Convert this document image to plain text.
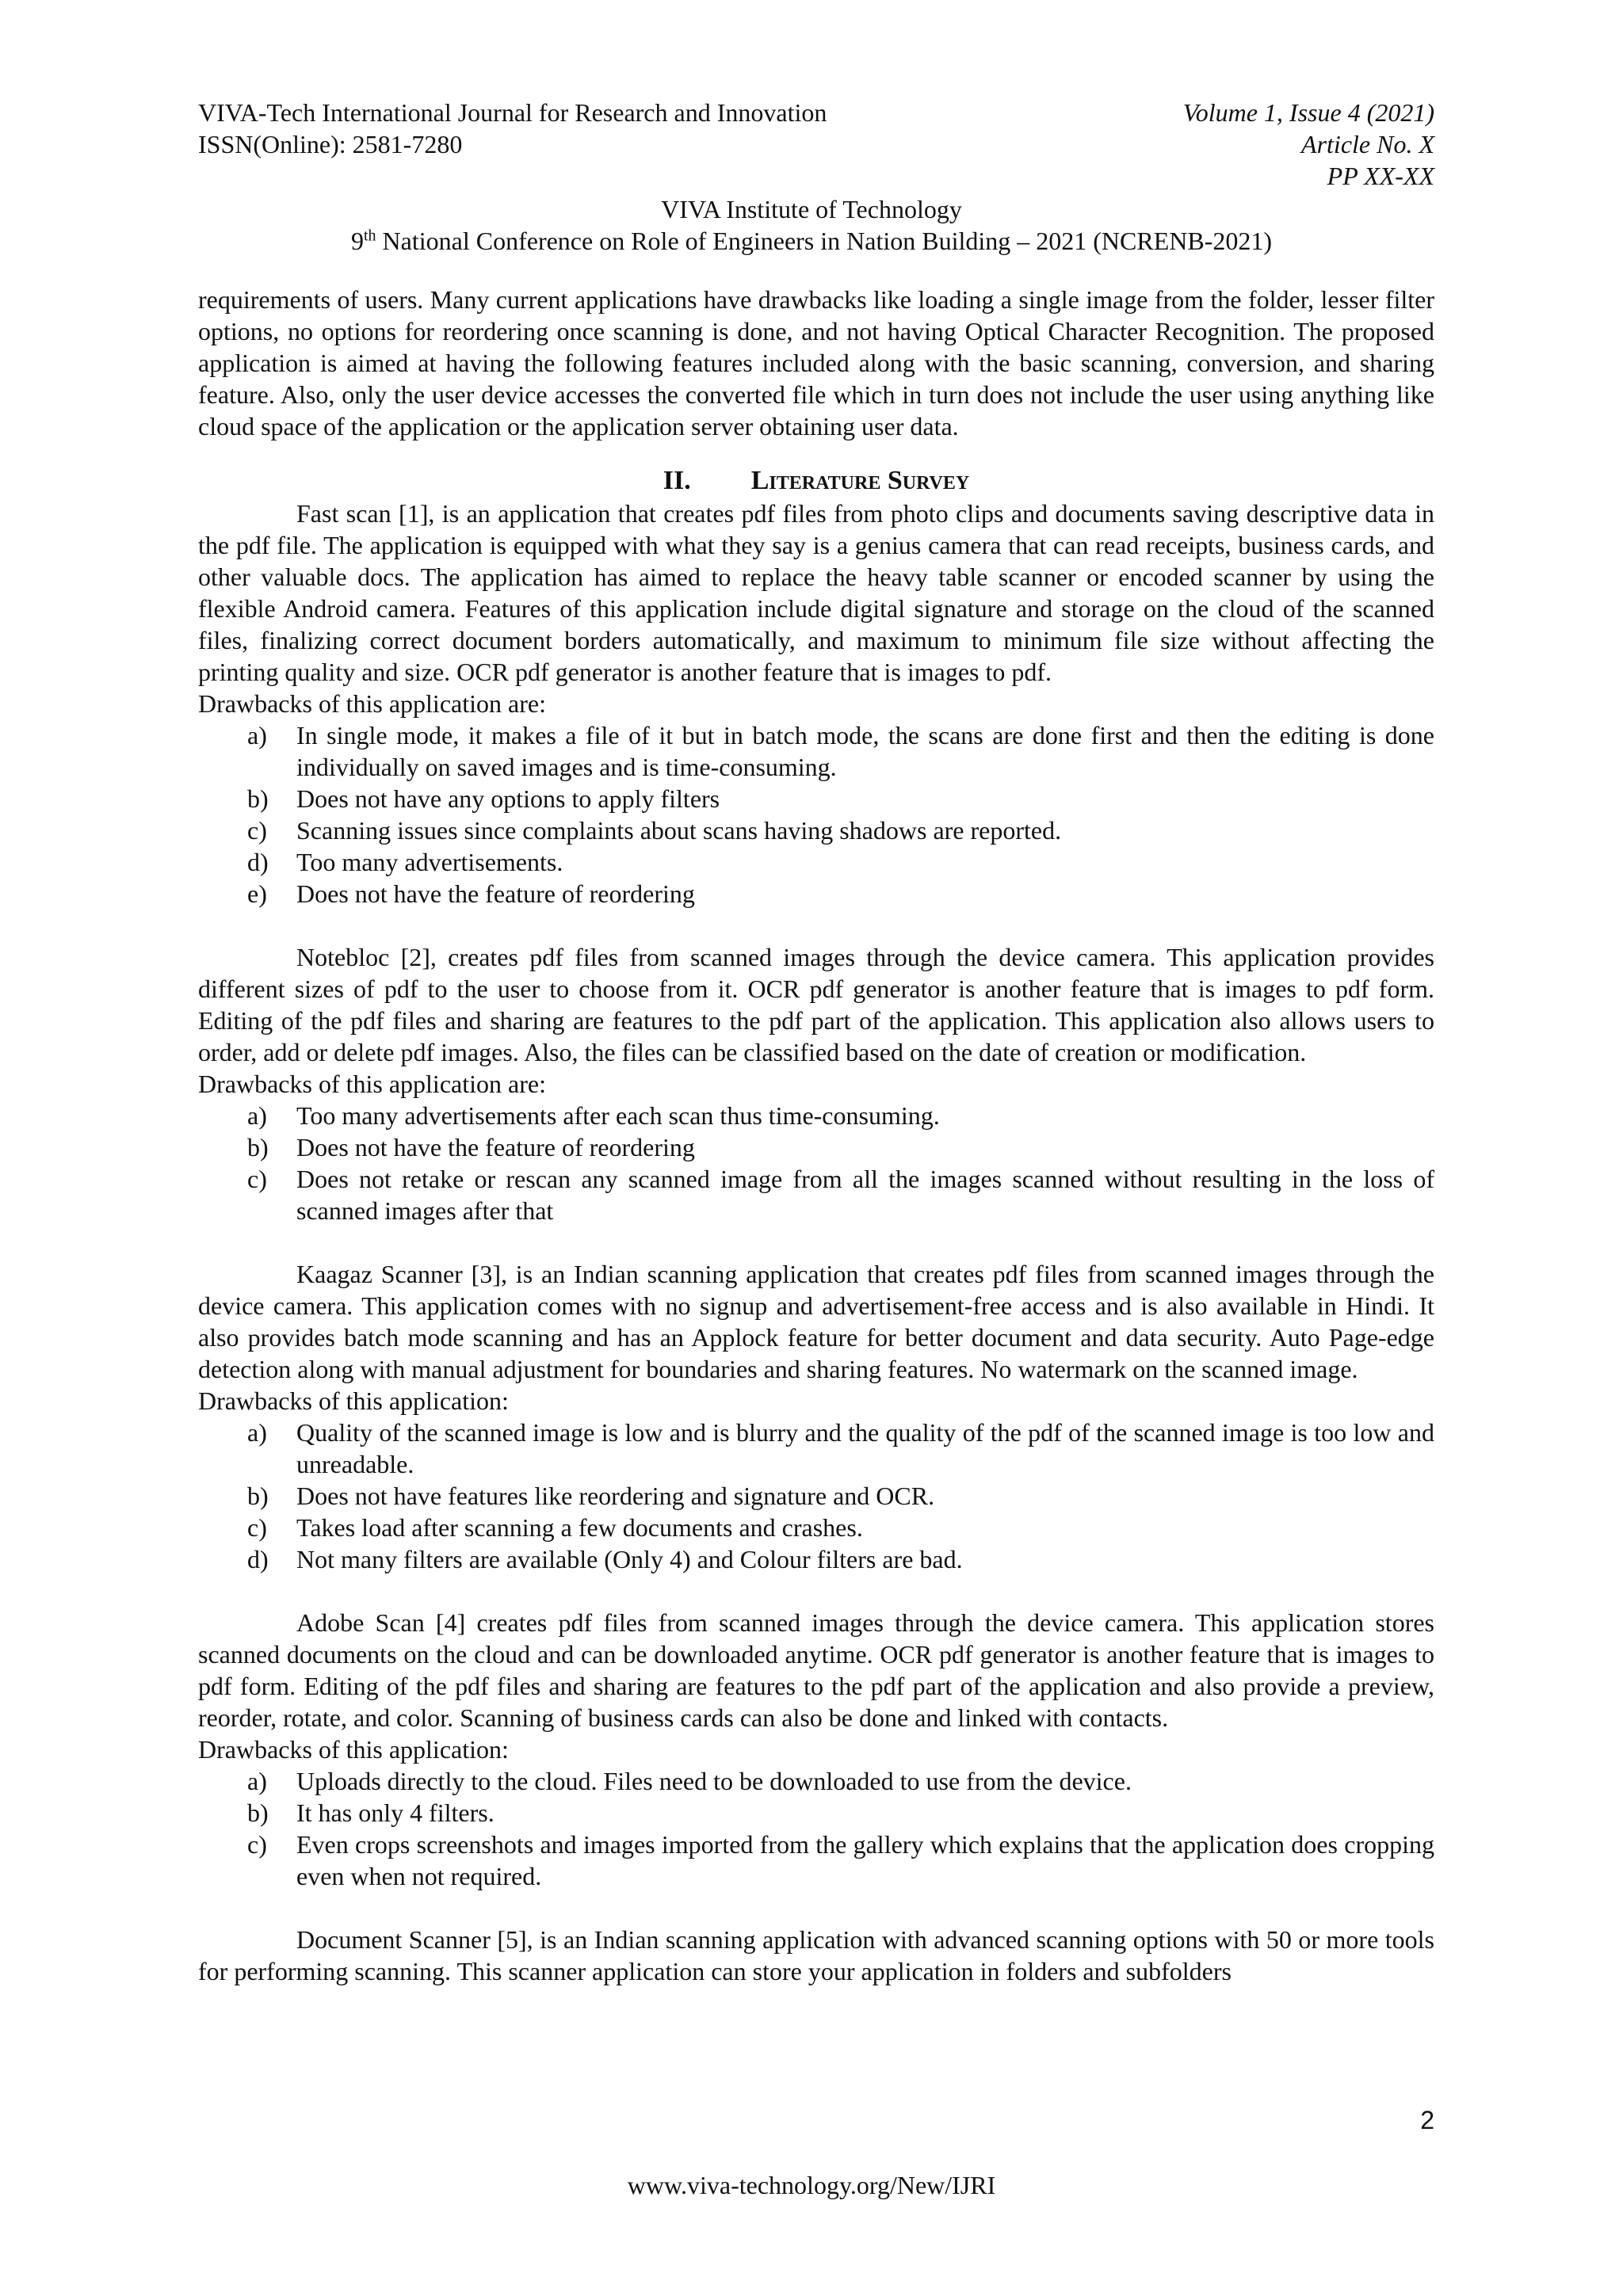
VIVA-Tech International Journal for Research and Innovation
ISSN(Online): 2581-7280
Volume 1, Issue 4 (2021)
Article No. X
PP XX-XX
VIVA Institute of Technology
9th National Conference on Role of Engineers in Nation Building – 2021 (NCRENB-2021)

requirements of users. Many current applications have drawbacks like loading a single image from the folder, lesser filter options, no options for reordering once scanning is done, and not having Optical Character Recognition. The proposed application is aimed at having the following features included along with the basic scanning, conversion, and sharing feature. Also, only the user device accesses the converted file which in turn does not include the user using anything like cloud space of the application or the application server obtaining user data.

II. Literature Survey

Fast scan [1], is an application that creates pdf files from photo clips and documents saving descriptive data in the pdf file. The application is equipped with what they say is a genius camera that can read receipts, business cards, and other valuable docs. The application has aimed to replace the heavy table scanner or encoded scanner by using the flexible Android camera. Features of this application include digital signature and storage on the cloud of the scanned files, finalizing correct document borders automatically, and maximum to minimum file size without affecting the printing quality and size. OCR pdf generator is another feature that is images to pdf.

Drawbacks of this application are:

a) In single mode, it makes a file of it but in batch mode, the scans are done first and then the editing is done individually on saved images and is time-consuming.
b) Does not have any options to apply filters
c) Scanning issues since complaints about scans having shadows are reported.
d) Too many advertisements.
e) Does not have the feature of reordering

Notebloc [2], creates pdf files from scanned images through the device camera. This application provides different sizes of pdf to the user to choose from it. OCR pdf generator is another feature that is images to pdf form. Editing of the pdf files and sharing are features to the pdf part of the application. This application also allows users to order, add or delete pdf images. Also, the files can be classified based on the date of creation or modification.

Drawbacks of this application are:

a) Too many advertisements after each scan thus time-consuming.
b) Does not have the feature of reordering
c) Does not retake or rescan any scanned image from all the images scanned without resulting in the loss of scanned images after that

Kaagaz Scanner [3], is an Indian scanning application that creates pdf files from scanned images through the device camera. This application comes with no signup and advertisement-free access and is also available in Hindi. It also provides batch mode scanning and has an Applock feature for better document and data security. Auto Page-edge detection along with manual adjustment for boundaries and sharing features. No watermark on the scanned image.

Drawbacks of this application:

a) Quality of the scanned image is low and is blurry and the quality of the pdf of the scanned image is too low and unreadable.
b) Does not have features like reordering and signature and OCR.
c) Takes load after scanning a few documents and crashes.
d) Not many filters are available (Only 4) and Colour filters are bad.

Adobe Scan [4] creates pdf files from scanned images through the device camera. This application stores scanned documents on the cloud and can be downloaded anytime. OCR pdf generator is another feature that is images to pdf form. Editing of the pdf files and sharing are features to the pdf part of the application and also provide a preview, reorder, rotate, and color. Scanning of business cards can also be done and linked with contacts.

Drawbacks of this application:

a) Uploads directly to the cloud. Files need to be downloaded to use from the device.
b) It has only 4 filters.
c) Even crops screenshots and images imported from the gallery which explains that the application does cropping even when not required.

Document Scanner [5], is an Indian scanning application with advanced scanning options with 50 or more tools for performing scanning. This scanner application can store your application in folders and subfolders

2
www.viva-technology.org/New/IJRI
